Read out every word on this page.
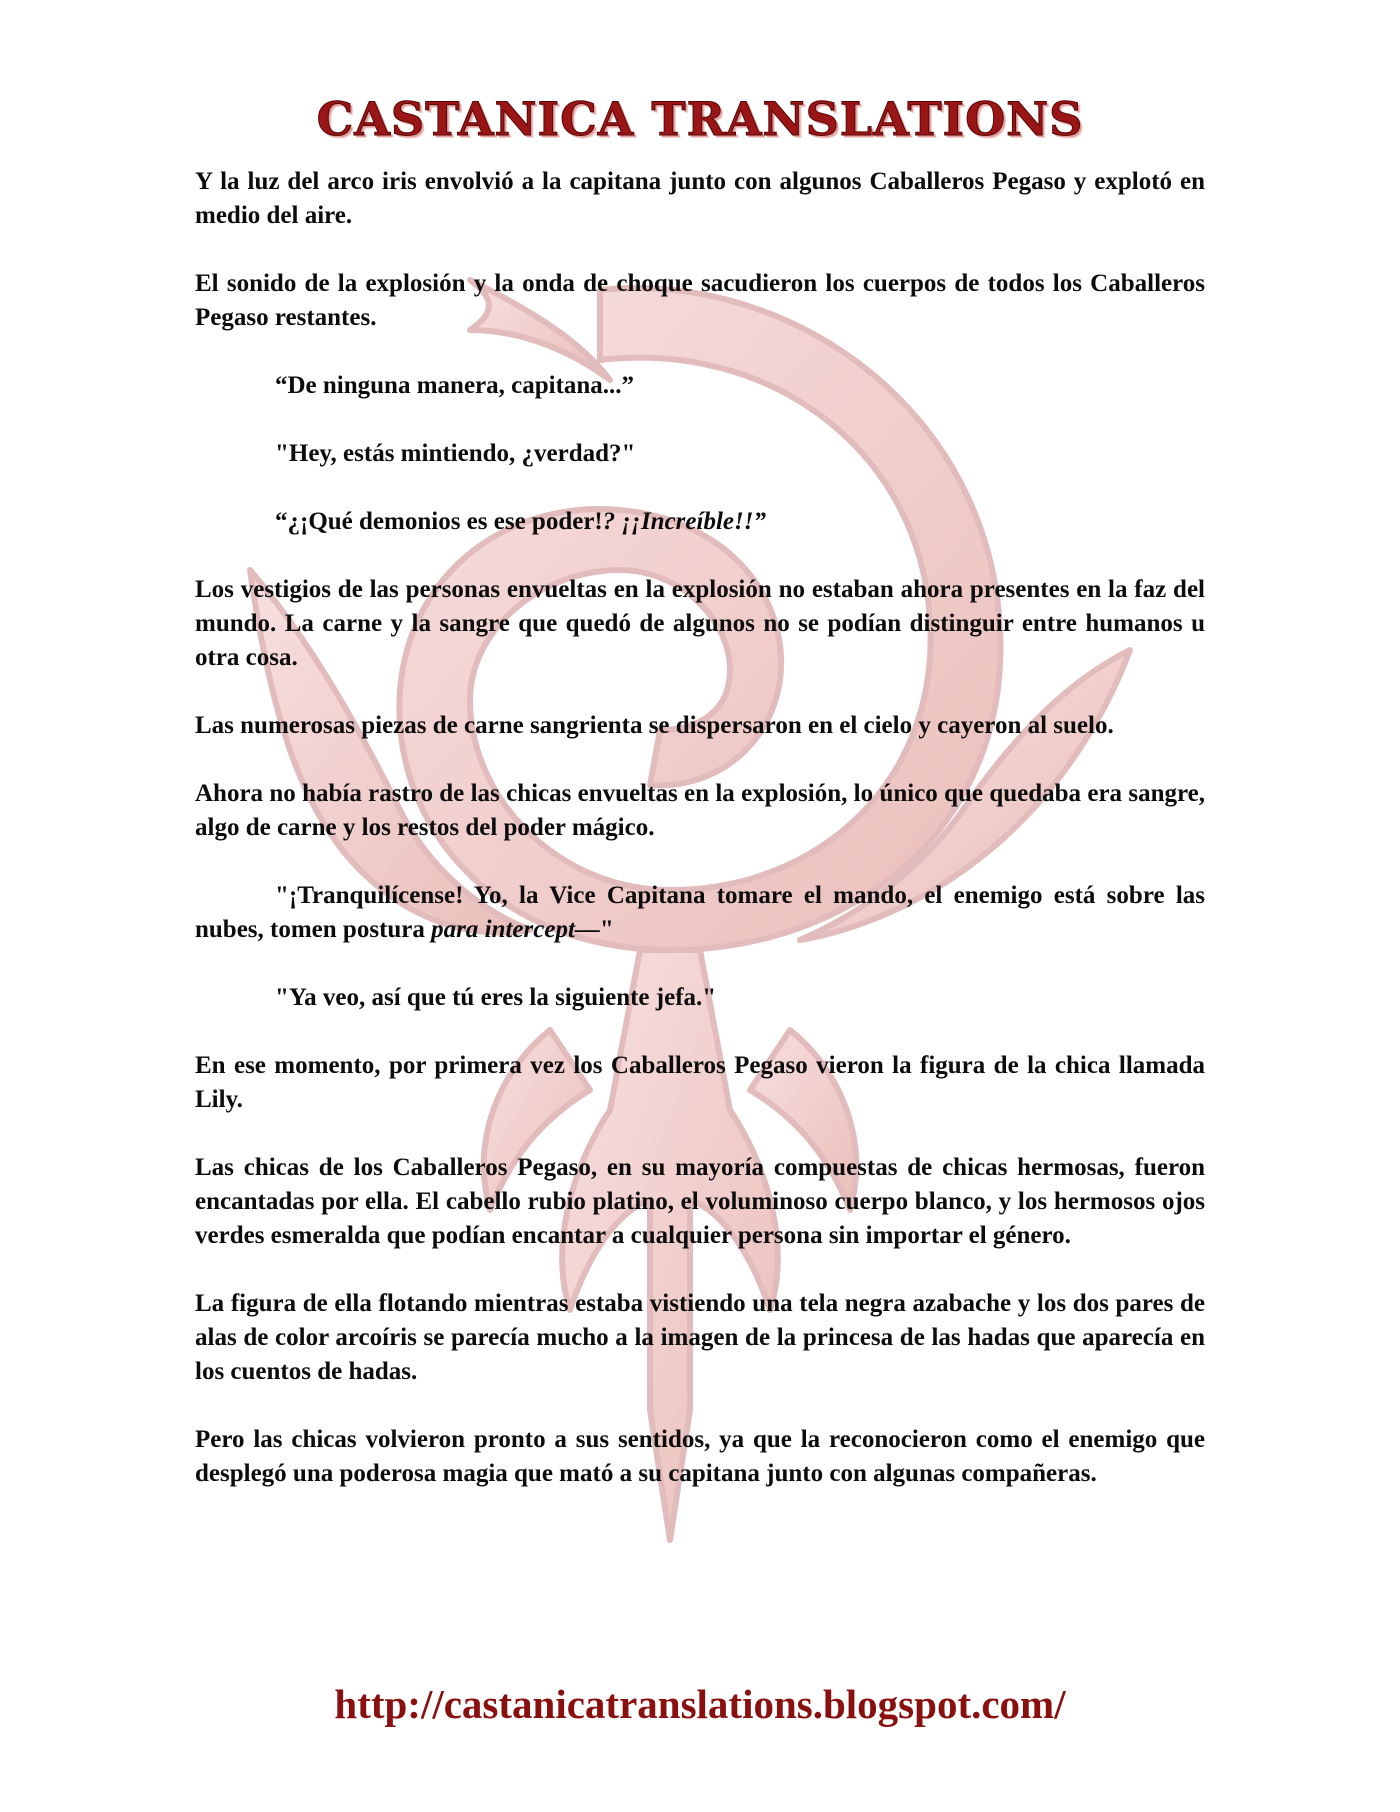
CASTANICA TRANSLATIONS

Y la luz del arco iris envolvió a la capitana junto con algunos Caballeros Pegaso y explotó en medio del aire.

El sonido de la explosión y la onda de choque sacudieron los cuerpos de todos los Caballeros Pegaso restantes.

“De ninguna manera, capitana...”

"Hey, estás mintiendo, ¿verdad?"

“¿¡Qué demonios es ese poder!? ¡¡Increíble!!”

Los vestigios de las personas envueltas en la explosión no estaban ahora presentes en la faz del mundo. La carne y la sangre que quedó de algunos no se podían distinguir entre humanos u otra cosa.

Las numerosas piezas de carne sangrienta se dispersaron en el cielo y cayeron al suelo.

Ahora no había rastro de las chicas envueltas en la explosión, lo único que quedaba era sangre, algo de carne y los restos del poder mágico.

"¡Tranquilícense! Yo, la Vice Capitana tomare el mando, el enemigo está sobre las nubes, tomen postura para intercept—"

"Ya veo, así que tú eres la siguiente jefa."

En ese momento, por primera vez los Caballeros Pegaso vieron la figura de la chica llamada Lily.

Las chicas de los Caballeros Pegaso, en su mayoría compuestas de chicas hermosas, fueron encantadas por ella. El cabello rubio platino, el voluminoso cuerpo blanco, y los hermosos ojos verdes esmeralda que podían encantar a cualquier persona sin importar el género.

La figura de ella flotando mientras estaba vistiendo una tela negra azabache y los dos pares de alas de color arcoíris se parecía mucho a la imagen de la princesa de las hadas que aparecía en los cuentos de hadas.

Pero las chicas volvieron pronto a sus sentidos, ya que la reconocieron como el enemigo que desplegó una poderosa magia que mató a su capitana junto con algunas compañeras.

http://castanicatranslations.blogspot.com/
